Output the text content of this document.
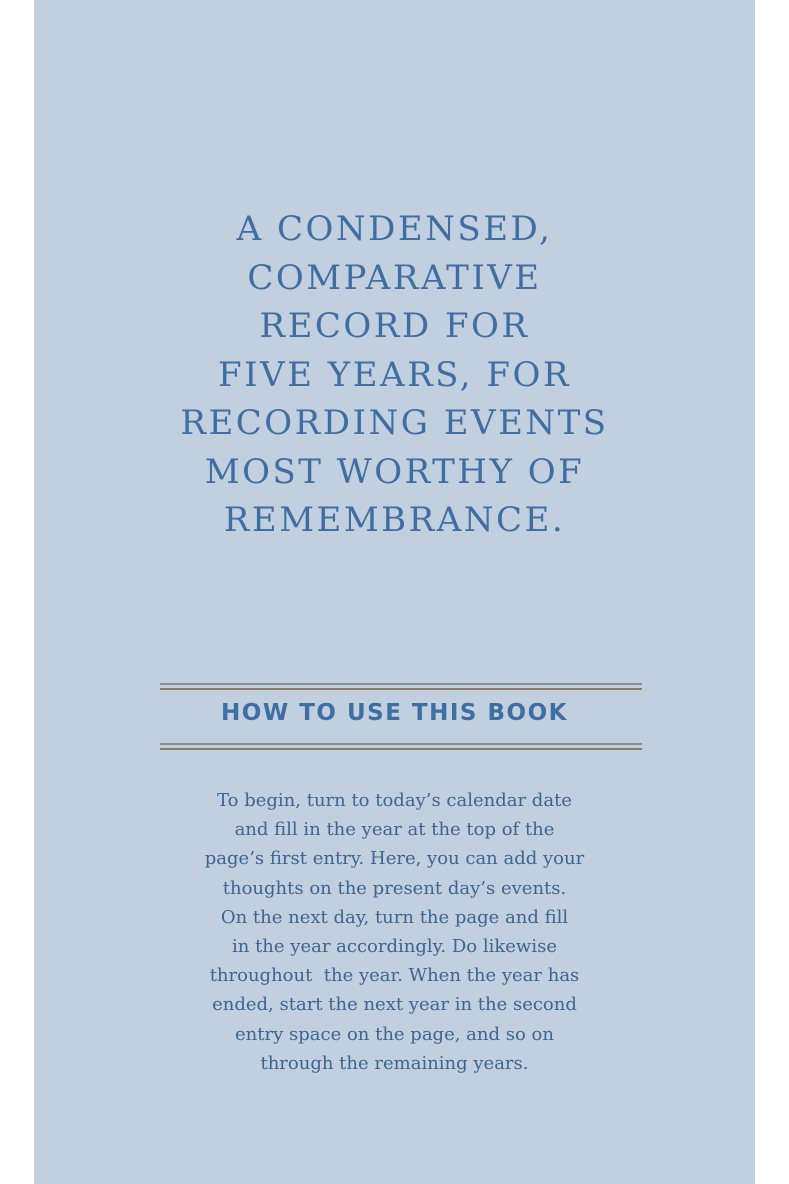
A CONDENSED,
COMPARATIVE
RECORD FOR
FIVE YEARS, FOR
RECORDING EVENTS
MOST WORTHY OF
REMEMBRANCE.
HOW TO USE THIS BOOK
To begin, turn to today’s calendar date
and fill in the year at the top of the
page’s first entry. Here, you can add your
thoughts on the present day’s events.
On the next day, turn the page and fill
in the year accordingly. Do likewise
throughout  the year. When the year has
ended, start the next year in the second
entry space on the page, and so on
through the remaining years.
